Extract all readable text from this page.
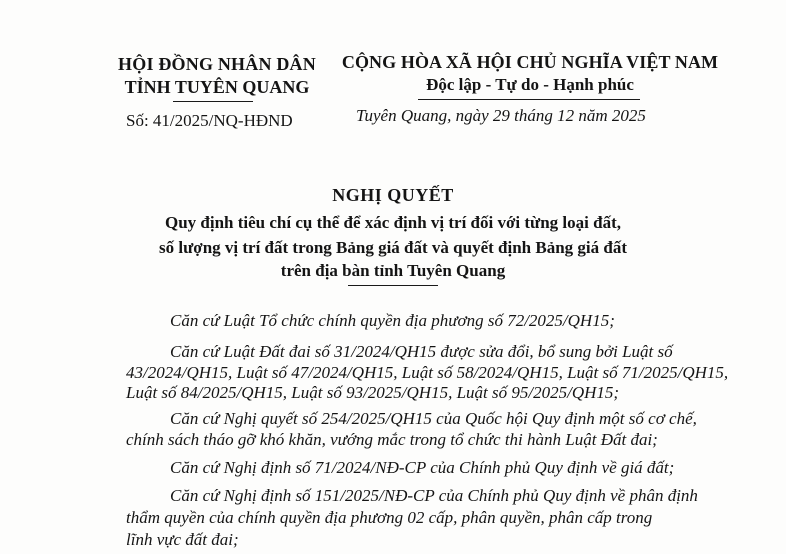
HỘI ĐỒNG NHÂN DÂN
TỈNH TUYÊN QUANG
Số: 41/2025/NQ-HĐND
CỘNG HÒA XÃ HỘI CHỦ NGHĨA VIỆT NAM
Độc lập - Tự do - Hạnh phúc
Tuyên Quang, ngày 29 tháng 12 năm 2025
NGHỊ QUYẾT
Quy định tiêu chí cụ thể để xác định vị trí đối với từng loại đất,
số lượng vị trí đất trong Bảng giá đất và quyết định Bảng giá đất
trên địa bàn tỉnh Tuyên Quang
Căn cứ Luật Tổ chức chính quyền địa phương số 72/2025/QH15;
Căn cứ Luật Đất đai số 31/2024/QH15 được sửa đổi, bổ sung bởi Luật số
43/2024/QH15, Luật số 47/2024/QH15, Luật số 58/2024/QH15, Luật số 71/2025/QH15,
Luật số 84/2025/QH15, Luật số 93/2025/QH15, Luật số 95/2025/QH15;
Căn cứ Nghị quyết số 254/2025/QH15 của Quốc hội Quy định một số cơ chế,
chính sách tháo gỡ khó khăn, vướng mắc trong tổ chức thi hành Luật Đất đai;
Căn cứ Nghị định số 71/2024/NĐ-CP của Chính phủ Quy định về giá đất;
Căn cứ Nghị định số 151/2025/NĐ-CP của Chính phủ Quy định về phân định
thẩm quyền của chính quyền địa phương 02 cấp, phân quyền, phân cấp trong
lĩnh vực đất đai;
